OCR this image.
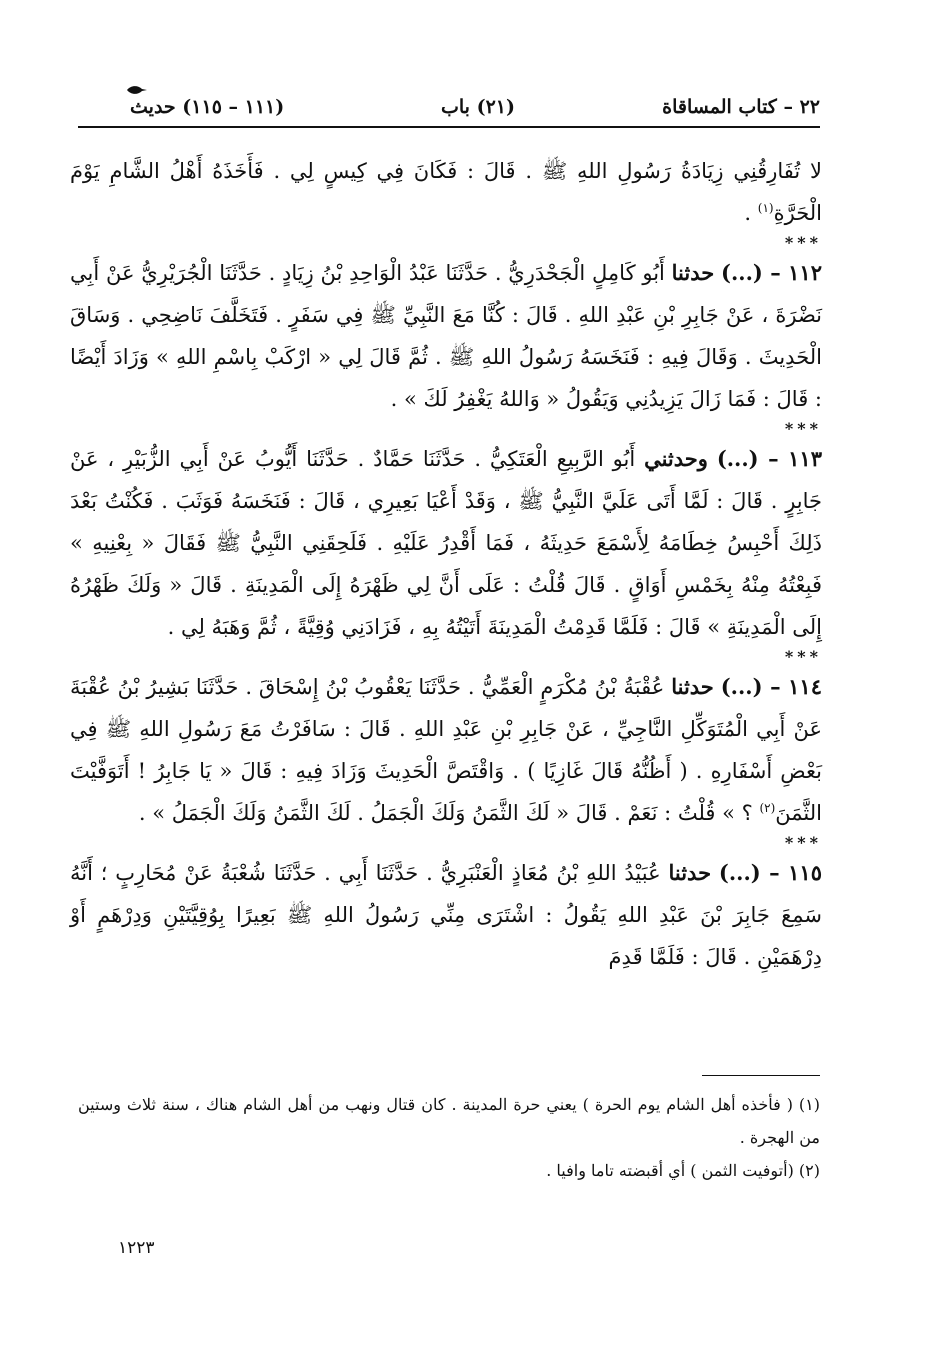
٢٢ – كتاب المساقاة
(٢١) باب
(١١١ – ١١٥) حديث

لا تُفَارِقُنِي زِيَادَةُ رَسُولِ اللهِ ﷺ . قَالَ : فَكَانَ فِي كِيسٍ لِي . فَأَخَذَهُ أَهْلُ الشَّامِ يَوْمَ الْحَرَّةِ$^{(١)}$ .

***

١١٢ – (...) حدثنا أَبُو كَامِلٍ الْجَحْدَرِيُّ . حَدَّثَنَا عَبْدُ الْوَاحِدِ بْنُ زِيَادٍ . حَدَّثَنَا الْجُرَيْرِيُّ عَنْ أَبِي نَضْرَةَ ، عَنْ جَابِرِ بْنِ عَبْدِ اللهِ . قَالَ : كُنَّا مَعَ النَّبِيِّ ﷺ فِي سَفَرٍ . فَتَخَلَّفَ نَاضِحِي . وَسَاقَ الْحَدِيثَ . وَقَالَ فِيهِ : فَنَخَسَهُ رَسُولُ اللهِ ﷺ . ثُمَّ قَالَ لِي « ارْكَبْ بِاسْمِ اللهِ » وَزَادَ أَيْضًا : قَالَ : فَمَا زَالَ يَزِيدُنِي وَيَقُولُ « وَاللهُ يَغْفِرُ لَكَ » .

***

١١٣ – (...) وحدثني أَبُو الرَّبِيعِ الْعَتَكِيُّ . حَدَّثَنَا حَمَّادٌ . حَدَّثَنَا أَيُّوبُ عَنْ أَبِي الزُّبَيْرِ ، عَنْ جَابِرٍ . قَالَ : لَمَّا أَتَى عَلَيَّ النَّبِيُّ ﷺ ، وَقَدْ أَعْيَا بَعِيرِي ، قَالَ : فَنَخَسَهُ فَوَثَبَ . فَكُنْتُ بَعْدَ ذَلِكَ أَحْبِسُ خِطَامَهُ لِأَسْمَعَ حَدِيثَهُ ، فَمَا أَقْدِرُ عَلَيْهِ . فَلَحِقَنِي النَّبِيُّ ﷺ فَقَالَ « بِعْنِيهِ » فَبِعْتُهُ مِنْهُ بِخَمْسِ أَوَاقٍ . قَالَ قُلْتُ : عَلَى أَنَّ لِي ظَهْرَهُ إِلَى الْمَدِينَةِ . قَالَ « وَلَكَ ظَهْرُهُ إِلَى الْمَدِينَةِ » قَالَ : فَلَمَّا قَدِمْتُ الْمَدِينَةَ أَتَيْتُهُ بِهِ ، فَزَادَنِي وُقِيَّةً ، ثُمَّ وَهَبَهُ لِي .

***

١١٤ – (...) حدثنا عُقْبَةُ بْنُ مُكْرَمٍ الْعَمِّيُّ . حَدَّثَنَا يَعْقُوبُ بْنُ إِسْحَاقَ . حَدَّثَنَا بَشِيرُ بْنُ عُقْبَةَ عَنْ أَبِي الْمُتَوَكِّلِ النَّاجِيِّ ، عَنْ جَابِرِ بْنِ عَبْدِ اللهِ . قَالَ : سَافَرْتُ مَعَ رَسُولِ اللهِ ﷺ فِي بَعْضِ أَسْفَارِهِ . ( أَظُنُّهُ قَالَ غَازِيًا ) . وَاقْتَصَّ الْحَدِيثَ وَزَادَ فِيهِ : قَالَ « يَا جَابِرُ ! أَتَوَفَّيْتَ الثَّمَنَ$^{(٢)}$ ؟ » قُلْتُ : نَعَمْ . قَالَ « لَكَ الثَّمَنُ وَلَكَ الْجَمَلُ . لَكَ الثَّمَنُ وَلَكَ الْجَمَلُ » .

***

١١٥ – (...) حدثنا عُبَيْدُ اللهِ بْنُ مُعَاذٍ الْعَنْبَرِيُّ . حَدَّثَنَا أَبِي . حَدَّثَنَا شُعْبَةُ عَنْ مُحَارِبٍ ؛ أَنَّهُ سَمِعَ جَابِرَ بْنَ عَبْدِ اللهِ يَقُولُ : اشْتَرَى مِنِّي رَسُولُ اللهِ ﷺ بَعِيرًا بِوُقِيَّتَيْنِ وَدِرْهَمٍ أَوْ دِرْهَمَيْنِ . قَالَ : فَلَمَّا قَدِمَ

(١) ( فأخذه أهل الشام يوم الحرة ) يعني حرة المدينة . كان قتال ونهب من أهل الشام هناك ، سنة ثلاث وستين من الهجرة .

(٢) (أتوفيت الثمن ) أي أقبضته تاما وافيا .

١٢٢٣
